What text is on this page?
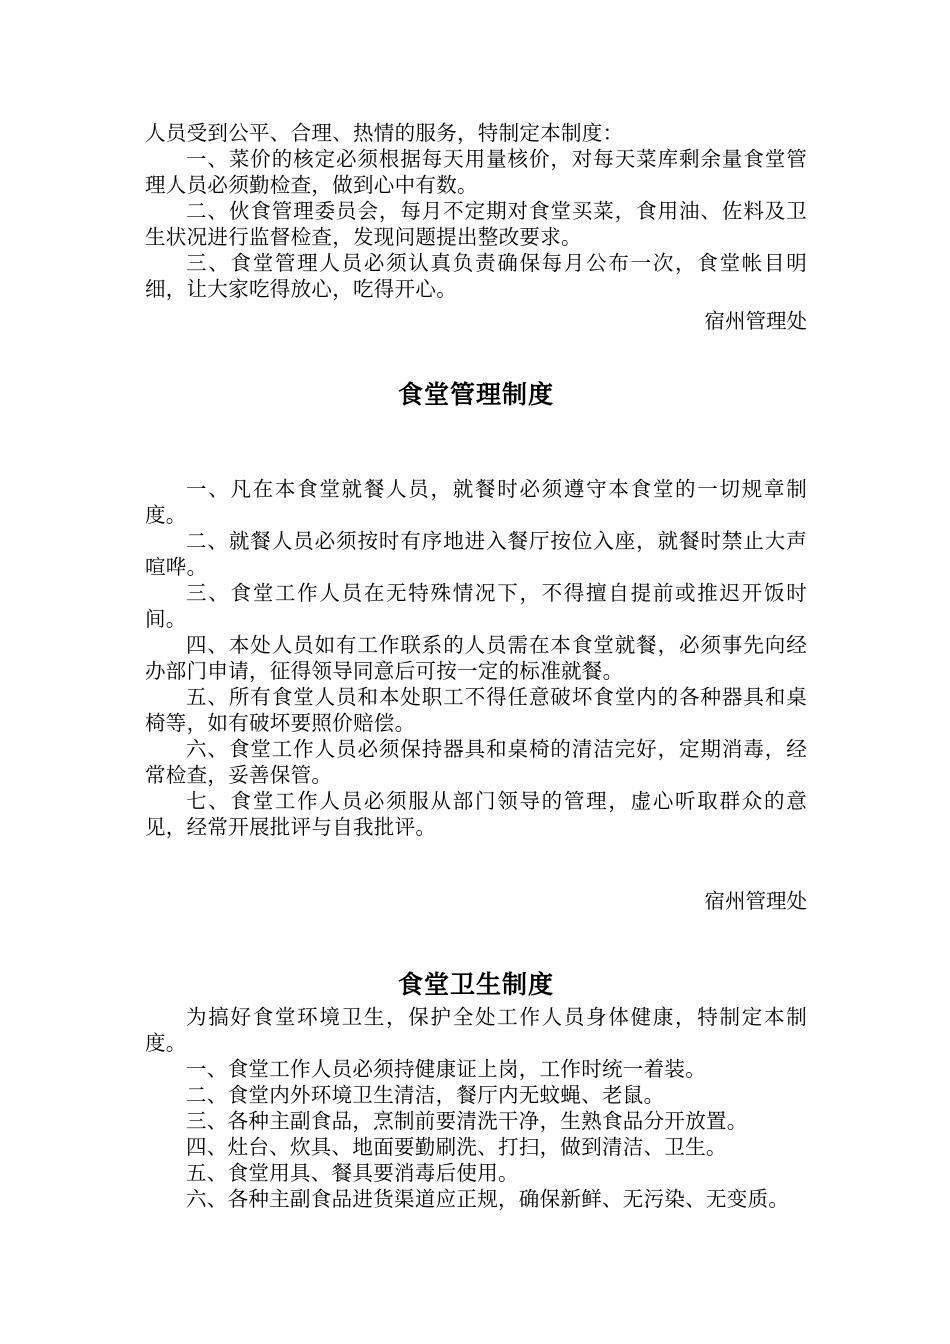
人员受到公平、合理、热情的服务，特制定本制度：

一、菜价的核定必须根据每天用量核价，对每天菜库剩余量食堂管理人员必须勤检查，做到心中有数。

二、伙食管理委员会，每月不定期对食堂买菜，食用油、佐料及卫生状况进行监督检查，发现问题提出整改要求。

三、食堂管理人员必须认真负责确保每月公布一次，食堂帐目明细，让大家吃得放心，吃得开心。

宿州管理处

食堂管理制度

一、凡在本食堂就餐人员，就餐时必须遵守本食堂的一切规章制度。

二、就餐人员必须按时有序地进入餐厅按位入座，就餐时禁止大声喧哗。

三、食堂工作人员在无特殊情况下，不得擅自提前或推迟开饭时间。

四、本处人员如有工作联系的人员需在本食堂就餐，必须事先向经办部门申请，征得领导同意后可按一定的标准就餐。

五、所有食堂人员和本处职工不得任意破坏食堂内的各种器具和桌椅等，如有破坏要照价赔偿。

六、食堂工作人员必须保持器具和桌椅的清洁完好，定期消毒，经常检查，妥善保管。

七、食堂工作人员必须服从部门领导的管理，虚心听取群众的意见，经常开展批评与自我批评。

宿州管理处

食堂卫生制度

为搞好食堂环境卫生，保护全处工作人员身体健康，特制定本制度。

一、食堂工作人员必须持健康证上岗，工作时统一着装。

二、食堂内外环境卫生清洁，餐厅内无蚊蝇、老鼠。

三、各种主副食品，烹制前要清洗干净，生熟食品分开放置。

四、灶台、炊具、地面要勤刷洗、打扫，做到清洁、卫生。

五、食堂用具、餐具要消毒后使用。

六、各种主副食品进货渠道应正规，确保新鲜、无污染、无变质。
